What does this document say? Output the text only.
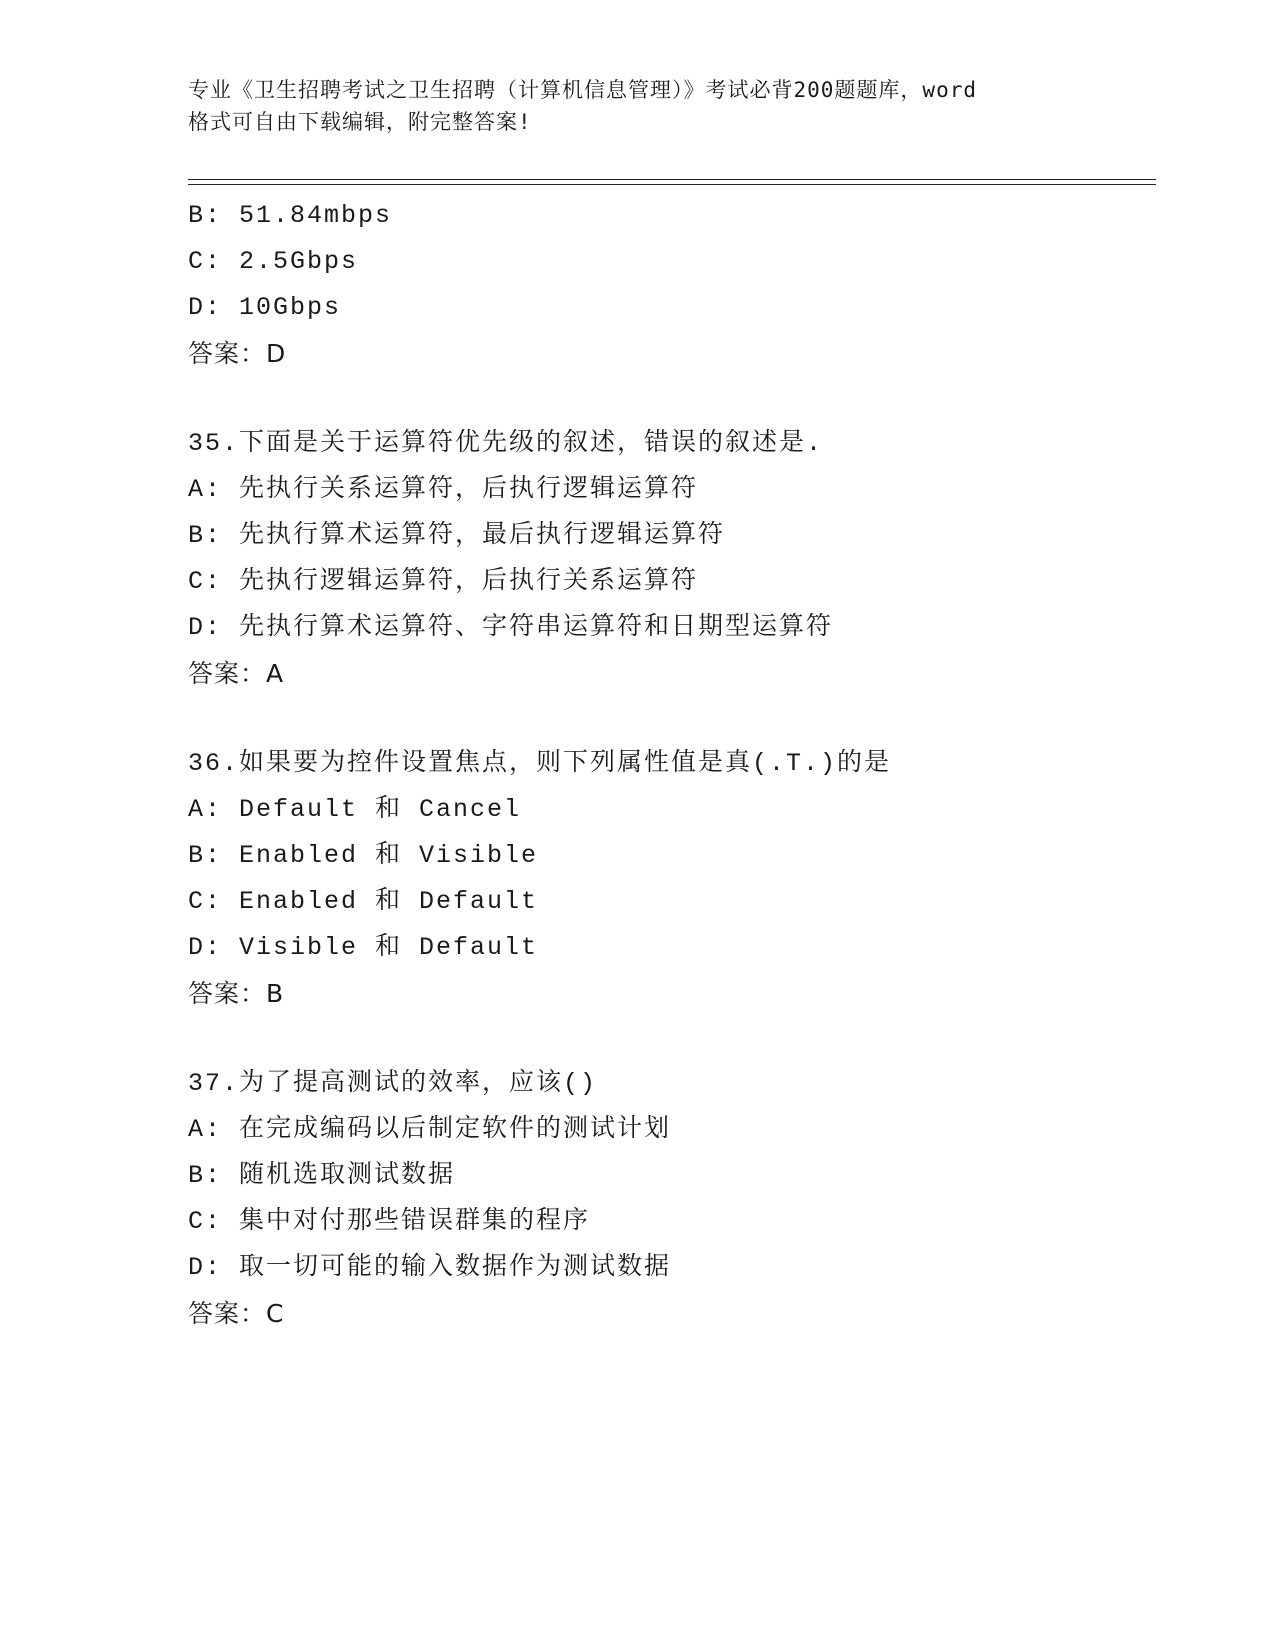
专业《卫生招聘考试之卫生招聘（计算机信息管理）》考试必背200题题库，word
格式可自由下载编辑，附完整答案!
B: 51.84mbps
C: 2.5Gbps
D: 10Gbps
答案：D
35.下面是关于运算符优先级的叙述，错误的叙述是.
A: 先执行关系运算符，后执行逻辑运算符
B: 先执行算术运算符，最后执行逻辑运算符
C: 先执行逻辑运算符，后执行关系运算符
D: 先执行算术运算符、字符串运算符和日期型运算符
答案：A
36.如果要为控件设置焦点，则下列属性值是真(.T.)的是
A: Default 和 Cancel
B: Enabled 和 Visible
C: Enabled 和 Default
D: Visible 和 Default
答案：B
37.为了提高测试的效率，应该()
A: 在完成编码以后制定软件的测试计划
B: 随机选取测试数据
C: 集中对付那些错误群集的程序
D: 取一切可能的输入数据作为测试数据
答案：C
